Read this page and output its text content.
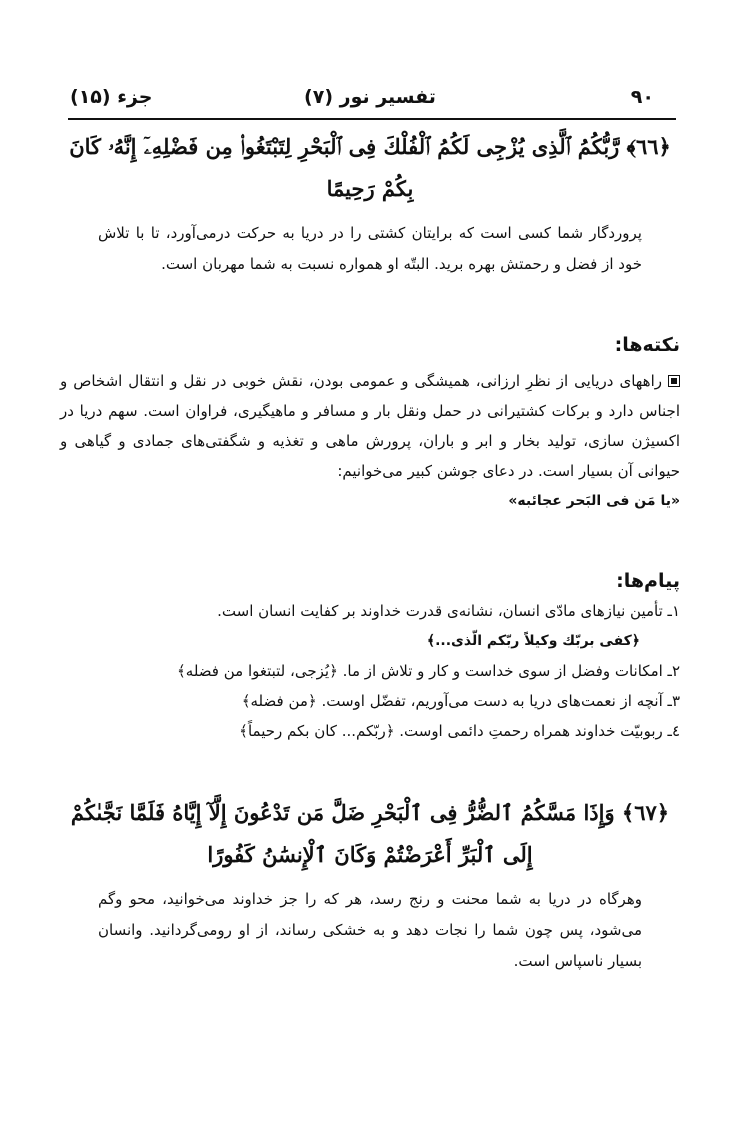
۹۰
تفسیر نور (۷)
جزء (۱۵)

﴿٦٦﴾ رَّبُّكُمُ ٱلَّذِى يُزْجِى لَكُمُ ٱلْفُلْكَ فِى ٱلْبَحْرِ لِتَبْتَغُوا۟ مِن فَضْلِهِۦٓ إِنَّهُۥ كَانَ بِكُمْ رَحِيمًا

پروردگار شما کسی است که برایتان کشتی را در دریا به حرکت درمی‌آورد، تا با تلاش خود از فضل و رحمتش بهره برید. البتّه او همواره نسبت به شما مهربان است.

نکته‌ها:

راههای دریایی از نظرِ ارزانی، همیشگی و عمومی بودن، نقش خوبی در نقل و انتقال اشخاص و اجناس دارد و برکات کشتیرانی در حمل ونقل بار و مسافر و ماهیگیری، فراوان است. سهم دریا در اکسیژن سازی، تولید بخار و ابر و باران، پرورش ماهی و تغذیه و شگفتی‌های جمادی و گیاهی و حیوانی آن بسیار است. در دعای جوشن کبیر می‌خوانیم:

«یا مَن فی البَحر عجائبه»

پیام‌ها:

۱ـ تأمین نیازهای مادّی انسان، نشانه‌ی قدرت خداوند بر کفایت انسان است.

﴿کفی بربّك وکیلاً ربّکم الّذی...﴾

۲ـ امکانات وفضل از سوی خداست و کار و تلاش از ما. ﴿یُزجی، لتبتغوا من فضله﴾

۳ـ آنچه از نعمت‌های دریا به دست می‌آوریم، تفضّل اوست. ﴿من فضله﴾

٤ـ ربوبیّت خداوند همراه رحمتِ دائمی اوست. ﴿ربّکم... کان بکم رحیماً﴾

﴿٦٧﴾ وَإِذَا مَسَّكُمُ ٱلضُّرُّ فِى ٱلْبَحْرِ ضَلَّ مَن تَدْعُونَ إِلَّآ إِيَّاهُ فَلَمَّا نَجَّىٰكُمْ إِلَى ٱلْبَرِّ أَعْرَضْتُمْ وَكَانَ ٱلْإِنسَٰنُ كَفُورًا

وهرگاه در دریا به شما محنت و رنج رسد، هر که را جز خداوند می‌خوانید، محو وگم می‌شود، پس چون شما را نجات دهد و به خشکی رساند، از او رومی‌گردانید. وانسان بسیار ناسپاس است.
